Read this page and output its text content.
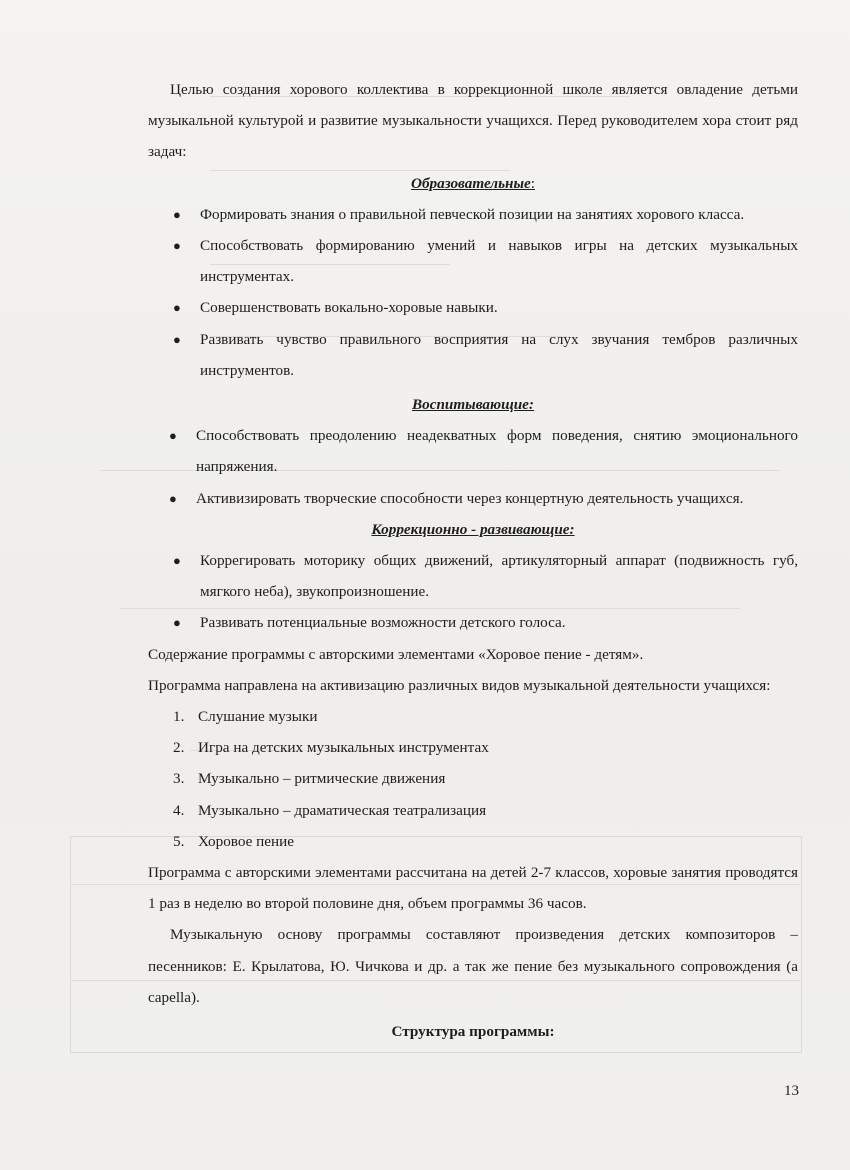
Целью создания хорового коллектива в коррекционной школе является овладение детьми музыкальной культурой и развитие музыкальности учащихся. Перед руководителем хора стоит ряд задач:

Образовательные:

● Формировать знания о правильной певческой позиции на занятиях хорового класса.
● Способствовать формированию умений и навыков игры на детских музыкальных инструментах.
● Совершенствовать вокально-хоровые навыки.
● Развивать чувство правильного восприятия на слух звучания тембров различных инструментов.

Воспитывающие:

● Способствовать преодолению неадекватных форм поведения, снятию эмоционального напряжения.
● Активизировать творческие способности через концертную деятельность учащихся.

Коррекционно - развивающие:

● Коррегировать моторику общих движений, артикуляторный аппарат (подвижность губ, мягкого неба), звукопроизношение.
● Развивать потенциальные возможности детского голоса.

Содержание программы с авторскими элементами «Хоровое пение - детям».

Программа направлена на активизацию различных видов музыкальной деятельности учащихся:

1. Слушание музыки
2. Игра на детских музыкальных инструментах
3. Музыкально – ритмические движения
4. Музыкально – драматическая театрализация
5. Хоровое пение

Программа с авторскими элементами рассчитана на детей 2-7 классов, хоровые занятия проводятся 1 раз в неделю во второй половине дня, объем программы 36 часов.

Музыкальную основу программы составляют произведения детских композиторов – песенников: Е. Крылатова, Ю. Чичкова и др. а так же пение без музыкального сопровождения (a capella).

Структура программы:

13
